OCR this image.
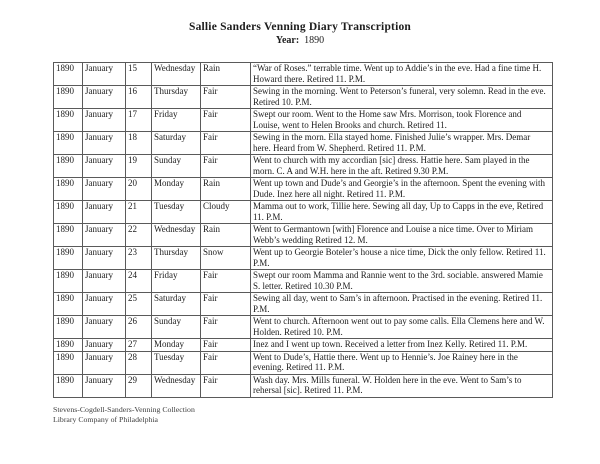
Sallie Sanders Venning Diary Transcription
Year: 1890
1890	January	15	Wednesday	Rain	“War of Roses.” terrable time. Went up to Addie’s in the eve. Had a fine time H. Howard there. Retired 11. P.M.
1890	January	16	Thursday	Fair	Sewing in the morning. Went to Peterson’s funeral, very solemn. Read in the eve. Retired 10. P.M.
1890	January	17	Friday	Fair	Swept our room. Went to the Home saw Mrs. Morrison, took Florence and Louise, went to Helen Brooks and church. Retired 11.
1890	January	18	Saturday	Fair	Sewing in the morn. Ella stayed home. Finished Julie’s wrapper. Mrs. Demar here. Heard from W. Shepherd. Retired 11. P.M.
1890	January	19	Sunday	Fair	Went to church with my accordian [sic] dress. Hattie here. Sam played in the morn. C. A and W.H. here in the aft. Retired 9.30 P.M.
1890	January	20	Monday	Rain	Went up town and Dude’s and Georgie’s in the afternoon. Spent the evening with Dude. Inez here all night. Retired 11. P.M.
1890	January	21	Tuesday	Cloudy	Mamma out to work, Tillie here. Sewing all day, Up to Capps in the eve, Retired 11. P.M.
1890	January	22	Wednesday	Rain	Went to Germantown [with] Florence and Louise a nice time. Over to Miriam Webb’s wedding Retired 12. M.
1890	January	23	Thursday	Snow	Went up to Georgie Boteler’s house a nice time, Dick the only fellow. Retired 11. P.M.
1890	January	24	Friday	Fair	Swept our room Mamma and Rannie went to the 3rd. sociable. answered Mamie S. letter. Retired 10.30 P.M.
1890	January	25	Saturday	Fair	Sewing all day, went to Sam’s in afternoon. Practised in the evening. Retired 11. P.M.
1890	January	26	Sunday	Fair	Went to church. Afternoon went out to pay some calls. Ella Clemens here and W. Holden. Retired 10. P.M.
1890	January	27	Monday	Fair	Inez and I went up town. Received a letter from Inez Kelly. Retired 11. P.M.
1890	January	28	Tuesday	Fair	Went to Dude’s, Hattie there. Went up to Hennie’s. Joe Rainey here in the evening. Retired 11. P.M.
1890	January	29	Wednesday	Fair	Wash day. Mrs. Mills funeral. W. Holden here in the eve. Went to Sam’s to rehersal [sic]. Retired 11. P.M.
Stevens-Cogdell-Sanders-Venning Collection
Library Company of Philadelphia
